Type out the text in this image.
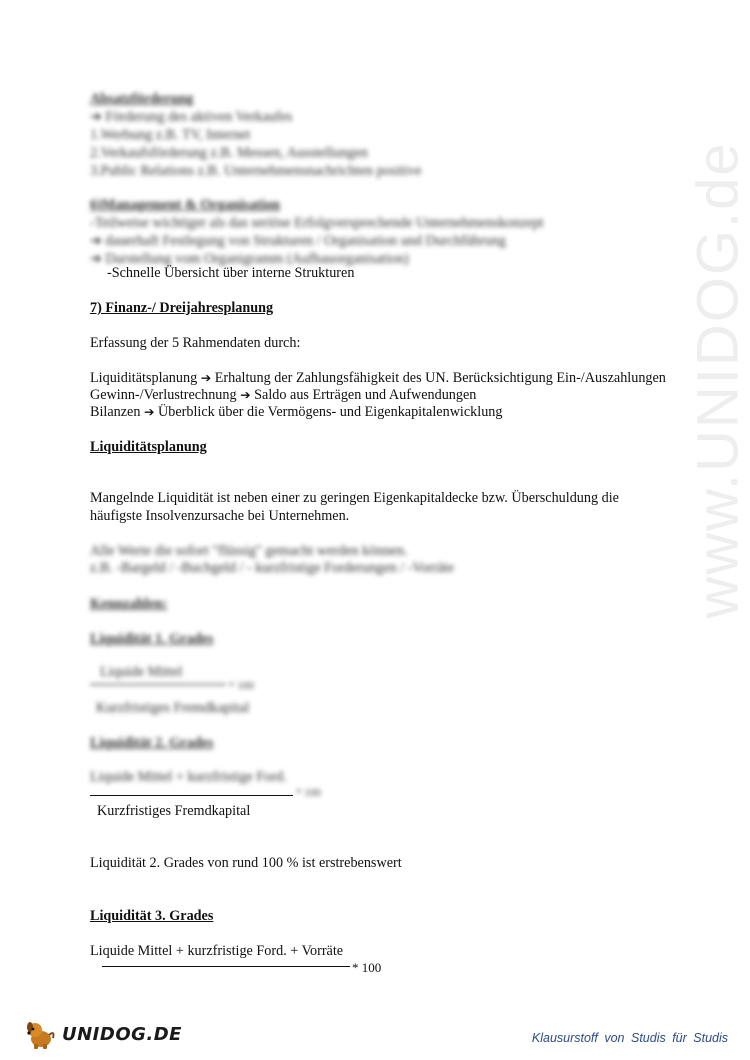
www.UNIDOG.de
Absatzförderung
➔ Förderung des aktiven Verkaufes
1.Werbung z.B. TV, Internet
2.Verkaufsförderung z.B. Messen, Ausstellungen
3.Public Relations z.B. Unternehmensnachrichten positive
6)Management & Organisation
-Teilweise wichtiger als das seriöse Erfolgversprechende Unternehmenskonzept
➔ dauerhaft Festlegung von Strukturen / Organisation und Durchführung
➔ Darstellung vom Organigramm (Aufbauorganisation)
-Schnelle Übersicht über interne Strukturen
7) Finanz-/ Dreijahresplanung
Erfassung der 5 Rahmendaten durch:
Liquiditätsplanung ➔ Erhaltung der Zahlungsfähigkeit des UN. Berücksichtigung Ein-/Auszahlungen
Gewinn-/Verlustrechnung ➔ Saldo aus Erträgen und Aufwendungen
Bilanzen ➔ Überblick über die Vermögens- und Eigenkapitalenwicklung
Liquiditätsplanung
Mangelnde Liquidität ist neben einer zu geringen Eigenkapitaldecke bzw. Überschuldung die
häufigste Insolvenzursache bei Unternehmen.
Alle Werte die sofort "flüssig" gemacht werden können.
z.B. -Bargeld / -Buchgeld / - kurzfristige Forderungen / -Vorräte
Kennzahlen:
Liquidität 1. Grades
Liquide Mittel
* 100
Kurzfristiges Fremdkapital
Liquidität 2. Grades
Liquide Mittel + kurzfristige Ford.
* 100
Kurzfristiges Fremdkapital
Liquidität 2. Grades von rund 100 % ist erstrebenswert
Liquidität 3. Grades
Liquide Mittel + kurzfristige Ford. + Vorräte
* 100
UNIDOG.DE	Klausurstoff von Studis für Studis
